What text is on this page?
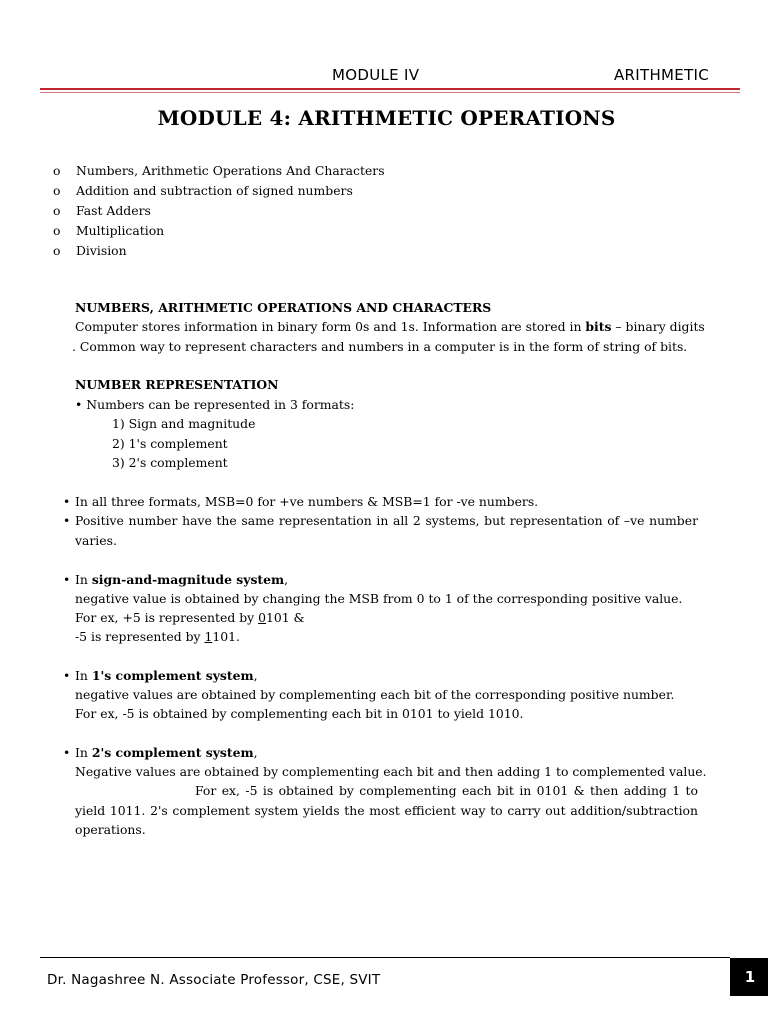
MODULE IV	ARITHMETIC
MODULE 4: ARITHMETIC OPERATIONS
o Numbers, Arithmetic Operations And Characters
o Addition and subtraction of signed numbers
o Fast Adders
o Multiplication
o Division
NUMBERS, ARITHMETIC OPERATIONS AND CHARACTERS
Computer stores information in binary form 0s and 1s. Information are stored in bits – binary digits
. Common way to represent characters and numbers in a computer is in the form of string of bits.
NUMBER REPRESENTATION
• Numbers can be represented in 3 formats:
1) Sign and magnitude
2) 1's complement
3) 2's complement
• In all three formats, MSB=0 for +ve numbers & MSB=1 for -ve numbers.
• Positive number have the same representation in all 2 systems, but representation of –ve number varies.
• In sign-and-magnitude system,
negative value is obtained by changing the MSB from 0 to 1 of the corresponding positive value.
For ex, +5 is represented by 0101 &
-5 is represented by 1101.
• In 1's complement system,
negative values are obtained by complementing each bit of the corresponding positive number.
For ex, -5 is obtained by complementing each bit in 0101 to yield 1010.
• In 2's complement system,
Negative values are obtained by complementing each bit and then adding 1 to complemented value.
For ex, -5 is obtained by complementing each bit in 0101 & then adding 1 to yield 1011. 2's complement system yields the most efficient way to carry out addition/subtraction operations.
Dr. Nagashree N. Associate Professor, CSE, SVIT	1
